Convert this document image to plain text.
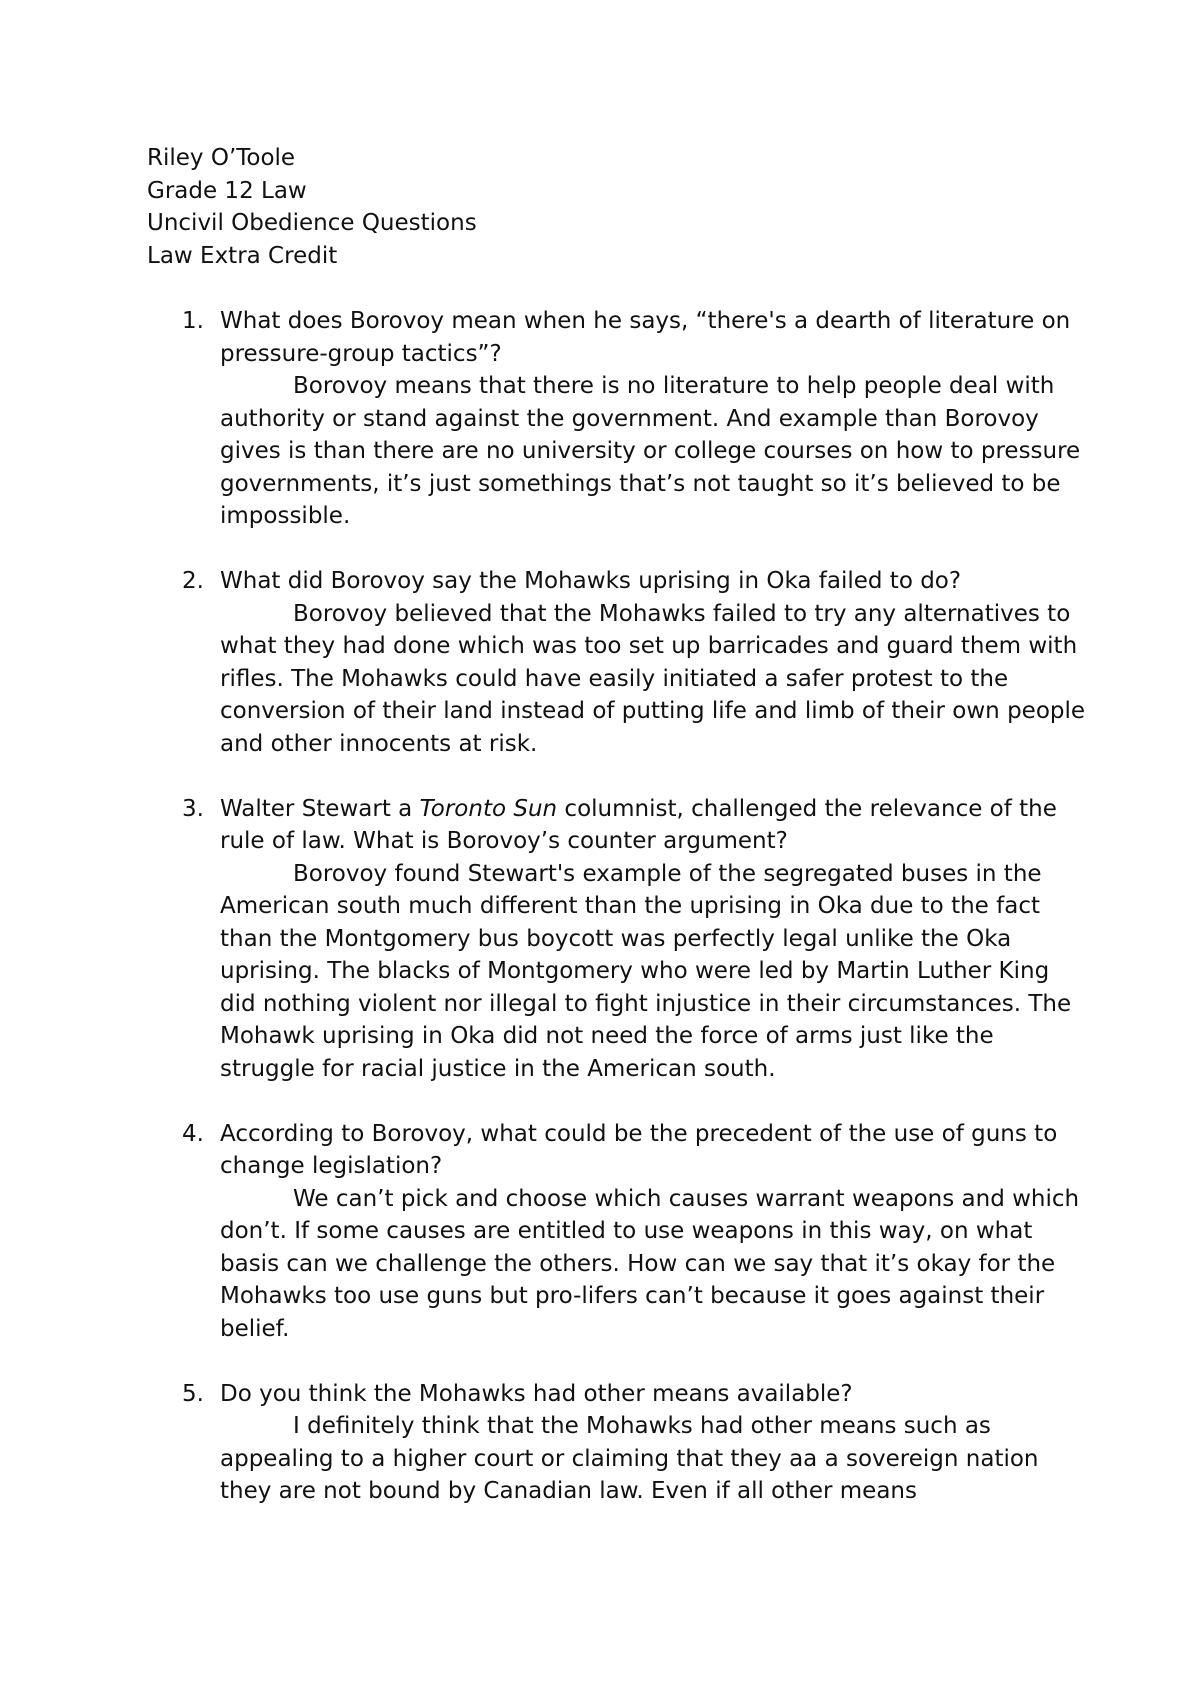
Riley O’Toole
Grade 12 Law
Uncivil Obedience Questions
Law Extra Credit
1. What does Borovoy mean when he says, “there's a dearth of literature on pressure-group tactics”?
Borovoy means that there is no literature to help people deal with authority or stand against the government. And example than Borovoy gives is than there are no university or college courses on how to pressure governments, it’s just somethings that’s not taught so it’s believed to be impossible.
2. What did Borovoy say the Mohawks uprising in Oka failed to do?
Borovoy believed that the Mohawks failed to try any alternatives to what they had done which was too set up barricades and guard them with rifles. The Mohawks could have easily initiated a safer protest to the conversion of their land instead of putting life and limb of their own people and other innocents at risk.
3. Walter Stewart a Toronto Sun columnist, challenged the relevance of the rule of law. What is Borovoy’s counter argument?
Borovoy found Stewart's example of the segregated buses in the American south much different than the uprising in Oka due to the fact than the Montgomery bus boycott was perfectly legal unlike the Oka uprising. The blacks of Montgomery who were led by Martin Luther King did nothing violent nor illegal to fight injustice in their circumstances. The Mohawk uprising in Oka did not need the force of arms just like the struggle for racial justice in the American south.
4. According to Borovoy, what could be the precedent of the use of guns to change legislation?
We can’t pick and choose which causes warrant weapons and which don’t. If some causes are entitled to use weapons in this way, on what basis can we challenge the others. How can we say that it’s okay for the Mohawks too use guns but pro-lifers can’t because it goes against their belief.
5. Do you think the Mohawks had other means available?
I definitely think that the Mohawks had other means such as appealing to a higher court or claiming that they aa a sovereign nation they are not bound by Canadian law. Even if all other means
